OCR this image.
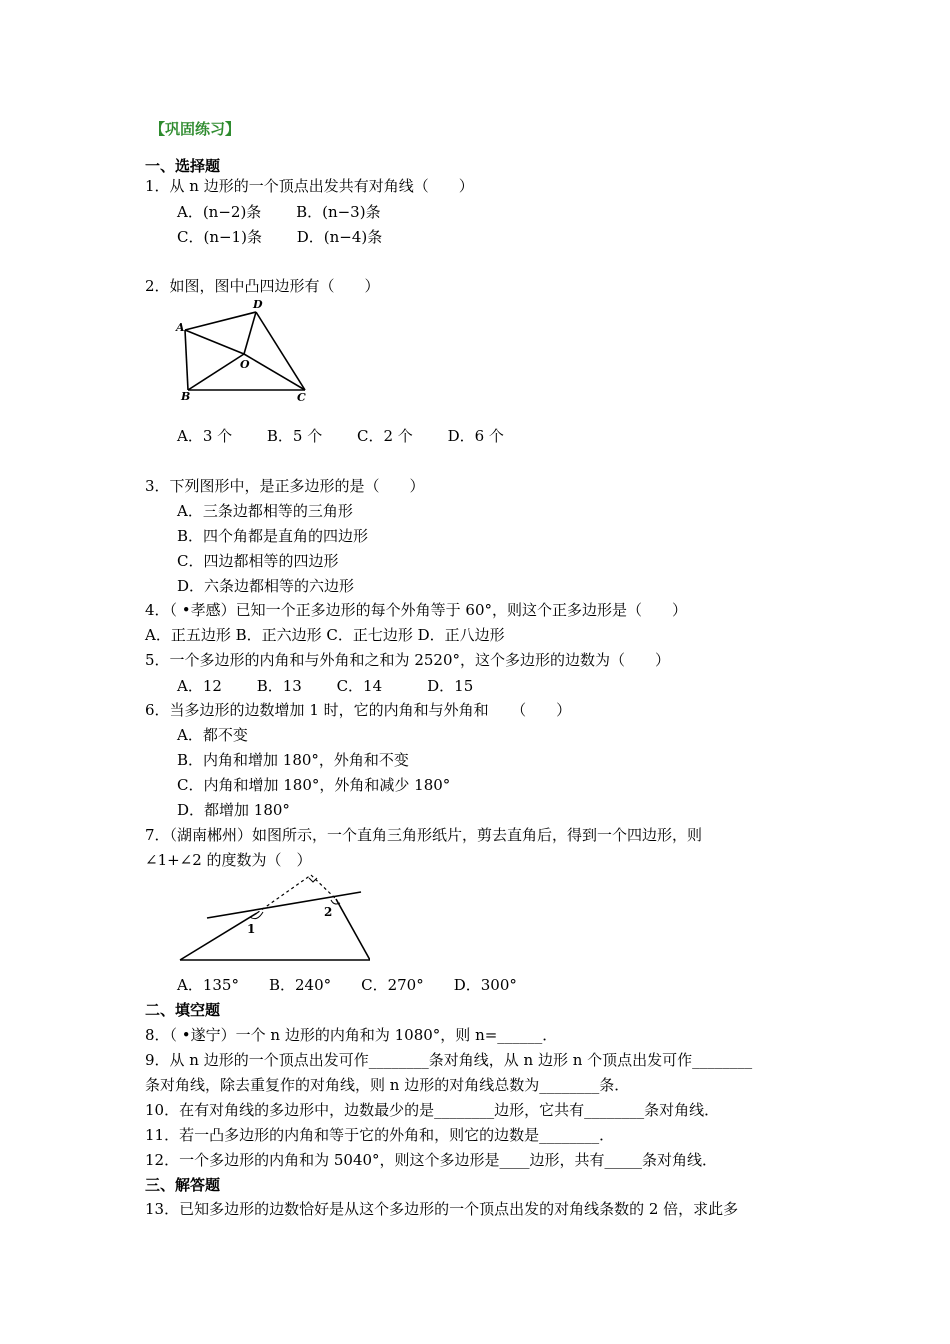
【巩固练习】
一、选择题
1．从 n 边形的一个顶点出发共有对角线（　　）
A．(n−2)条　　 B．(n−3)条
C．(n−1)条　　 D．(n−4)条
2．如图，图中凸四边形有（　　）
A
B	C
D
O
A．3 个　　 B．5 个　　 C．2 个　　 D．6 个
3．下列图形中，是正多边形的是（　　）
A．三条边都相等的三角形
B．四个角都是直角的四边形
C．四边都相等的四边形
D．六条边都相等的六边形
4．（ •孝感）已知一个正多边形的每个外角等于 60°，则这个正多边形是（　　）
A．正五边形 B．正六边形 C．正七边形 D．正八边形
5．一个多边形的内角和与外角和之和为 2520°，这个多边形的边数为（　　）
A．12　　 B．13　　 C．14　　　D．15
6．当多边形的边数增加 1 时，它的内角和与外角和　　（　　）
A．都不变
B．内角和增加 180°，外角和不变
C．内角和增加 180°，外角和减少 180°
D．都增加 180°
7．（湖南郴州）如图所示，一个直角三角形纸片，剪去直角后，得到一个四边形，则
∠1+∠2 的度数为（　）
1
2
A．135°　　B．240°　　C．270°　　D．300°
二、填空题
8．（ •遂宁）一个 n 边形的内角和为 1080°，则 n=______．
9．从 n 边形的一个顶点出发可作________条对角线，从 n 边形 n 个顶点出发可作________
条对角线，除去重复作的对角线，则 n 边形的对角线总数为________条．
10．在有对角线的多边形中，边数最少的是________边形，它共有________条对角线．
11．若一凸多边形的内角和等于它的外角和，则它的边数是________．
12．一个多边形的内角和为 5040°，则这个多边形是____边形，共有_____条对角线．
三、解答题
13．已知多边形的边数恰好是从这个多边形的一个顶点出发的对角线条数的 2 倍，求此多
